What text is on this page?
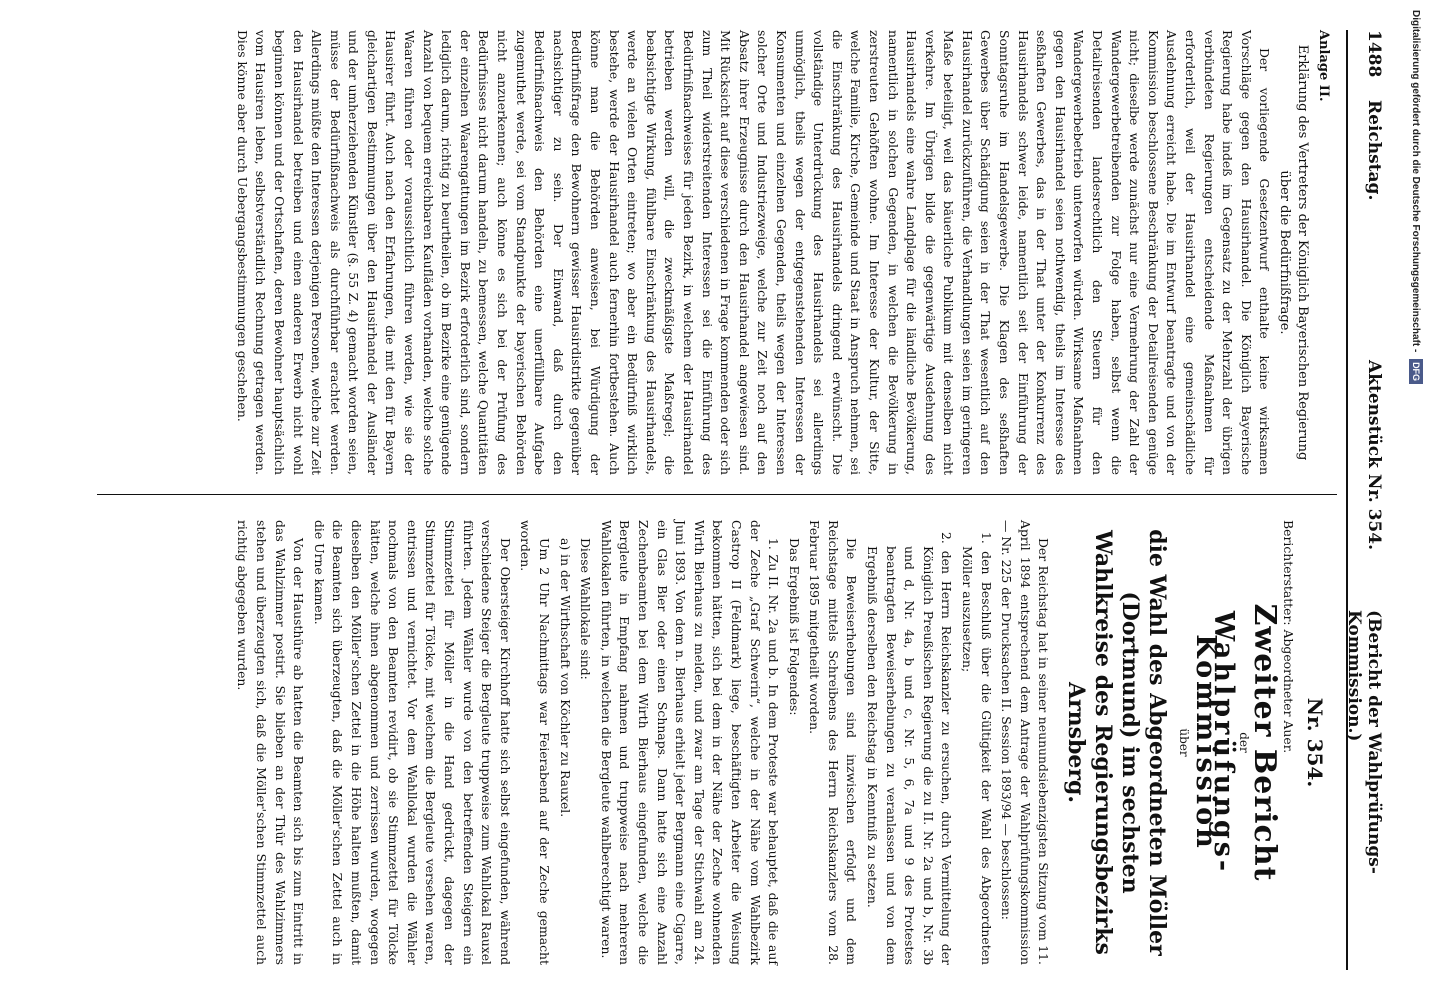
1488
Reichstag.
Aktenstück Nr. 354.
(Bericht der Wahlprüfungs-Kommission.)

Anlage II.

Erklärung des Vertreters der Königlich Bayerischen Regierung über die Bedürfnißfrage.

Der vorliegende Gesetzentwurf enthalte keine wirksamen Vorschläge gegen den Hausirhandel. Die Königlich Bayerische Regierung habe indeß im Gegensatz zu der Mehrzahl der übrigen verbündeten Regierungen entscheidende Maßnahmen für erforderlich, weil der Hausirhandel eine gemeinschädliche Ausdehnung erreicht habe. Die im Entwurf beantragte und von der Kommission beschlossene Beschränkung der Detailreisenden genüge nicht; dieselbe werde zunächst nur eine Vermehrung der Zahl der Wandergewerbetreibenden zur Folge haben, selbst wenn die Detailreisenden landesrechtlich den Steuern für den Wandergewerbebetrieb unterworfen würden. Wirksame Maßnahmen gegen den Hausirhandel seien nothwendig, theils im Interesse des seßhaften Gewerbes, das in der That unter der Konkurrenz des Hausirhandels schwer leide, namentlich seit der Einführung der Sonntagsruhe im Handelsgewerbe. Die Klagen des seßhaften Gewerbes über Schädigung seien in der That wesentlich auf den Hausirhandel zurückzuführen, die Verhandlungen seien im geringeren Maße beteiligt, weil das bäuerliche Publikum mit denselben nicht verkehre. Im Übrigen bilde die gegenwärtige Ausdehnung des Hausirhandels eine wahre Landplage für die ländliche Bevölkerung, namentlich in solchen Gegenden, in welchen die Bevölkerung in zerstreuten Gehöften wohne. Im Interesse der Kultur, der Sitte, welche Familie, Kirche, Gemeinde und Staat in Anspruch nehmen, sei die Einschränkung des Hausirhandels dringend erwünscht. Die vollständige Unterdrückung des Hausirhandels sei allerdings unmöglich, theils wegen der entgegenstehenden Interessen der Konsumenten und einzelnen Gegenden, theils wegen der Interessen solcher Orte und Industriezweige, welche zur Zeit noch auf den Absatz ihrer Erzeugnisse durch den Hausirhandel angewiesen sind. Mit Rücksicht auf diese verschiedenen in Frage kommenden oder sich zum Theil widerstreitenden Interessen sei die Einführung des Bedürfnißnachweises für jeden Bezirk, in welchem der Hausirhandel betrieben werden will, die zweckmäßigste Maßregel; die beabsichtigte Wirkung, fühlbare Einschränkung des Hausirhandels, werde an vielen Orten eintreten; wo aber ein Bedürfniß wirklich bestehe, werde der Hausirhandel auch fernerhin fortbestehen. Auch könne man die Behörden anweisen, bei Würdigung der Bedürfnißfrage den Bewohnern gewisser Hausirdistrikte gegenüber nachsichtiger zu sein. Der Einwand, daß durch den Bedürfnißnachweis den Behörden eine unerfüllbare Aufgabe zugemuthet werde, sei vom Standpunkte der bayerischen Behörden nicht anzuerkennen; auch könne es sich bei der Prüfung des Bedürfnisses nicht darum handeln, zu bemessen, welche Quantitäten der einzelnen Waarengattungen im Bezirk erforderlich sind, sondern lediglich darum, richtig zu beurtheilen, ob im Bezirke eine genügende Anzahl von bequem erreichbaren Kaufläden vorhanden, welche solche Waaren führen oder voraussichtlich führen werden, wie sie der Hausirer führt. Auch nach den Erfahrungen, die mit den für Bayern gleichartigen Bestimmungen über den Hausirhandel der Ausländer und der umherziehenden Künstler (§. 55 Z. 4) gemacht worden seien, müsse der Bedürfnißnachweis als durchführbar erachtet werden. Allerdings müßte den Interessen derjenigen Personen, welche zur Zeit den Hausirhandel betreiben und einen anderen Erwerb nicht wohl beginnen können und der Ortschaften, deren Bewohner hauptsächlich vom Hausiren leben, selbstverständlich Rechnung getragen werden. Dies könne aber durch Uebergangsbestimmungen geschehen.

Nr. 354.
Berichterstatter: Abgeordneter Auer.
Zweiter Bericht
der
Wahlprüfungs-Kommission
über
die Wahl des Abgeordneten Möller (Dortmund) im sechsten Wahlkreise des Regierungsbezirks Arnsberg.

Der Reichstag hat in seiner neunundsiebenzigsten Sitzung vom 11. April 1894 entsprechend dem Antrage der Wahlprüfungskommission — Nr. 225 der Drucksachen II. Session 1893/94 — beschlossen:

1. den Beschluß über die Gültigkeit der Wahl des Abgeordneten Möller auszusetzen;

2. den Herrn Reichskanzler zu ersuchen, durch Vermittelung der Königlich Preußischen Regierung die zu II. Nr. 2a und b, Nr. 3b und d, Nr. 4a, b und c, Nr. 5, 6, 7a und 9 des Protestes beantragten Beweiserhebungen zu veranlassen und von dem Ergebniß derselben den Reichstag in Kenntniß zu setzen.

Die Beweiserhebungen sind inzwischen erfolgt und dem Reichstage mittels Schreibens des Herrn Reichskanzlers vom 28. Februar 1895 mitgetheilt worden.

Das Ergebniß ist Folgendes:

1. Zu II. Nr. 2a und b. In dem Proteste war behauptet, daß die auf der Zeche „Graf Schwerin“, welche in der Nähe vom Wahlbezirk Castrop II (Feldmark) liege, beschäftigten Arbeiter die Weisung bekommen hätten, sich bei dem in der Nähe der Zeche wohnenden Wirth Bierhaus zu melden, und zwar am Tage der Stichwahl am 24. Juni 1893. Von dem n. Bierhaus erhielt jeder Bergmann eine Cigarre, ein Glas Bier oder einen Schnaps. Dann hatte sich eine Anzahl Zechenbeamten bei dem Wirth Bierhaus eingefunden, welche die Bergleute in Empfang nahmen und truppweise nach mehreren Wahllokalen führten, in welchen die Bergleute wahlberechtigt waren.

Diese Wahllokale sind:

a) in der Wirthschaft von Köchler zu Rauxel.

Um 2 Uhr Nachmittags war Feierabend auf der Zeche gemacht worden.

Der Obersteiger Kirchhoff hatte sich selbst eingefunden, während verschiedene Steiger die Bergleute truppweise zum Wahllokal Rauxel führten. Jedem Wähler wurde von den betreffenden Steigern ein Stimmzettel für Möller in die Hand gedrückt, dagegen der Stimmzettel für Tölcke, mit welchem die Bergleute versehen waren, entrissen und vernichtet. Vor dem Wahllokal wurden die Wähler nochmals von den Beamten revidirt, ob sie Stimmzettel für Tölcke hätten, welche ihnen abgenommen und zerrissen wurden, wogegen dieselben den Möller'schen Zettel in die Höhe halten mußten, damit die Beamten sich überzeugten, daß die Möller'schen Zettel auch in die Urne kamen.

Von der Hausthüre ab hatten die Beamten sich bis zum Eintritt in das Wahlzimmer postirt. Sie blieben an der Thür des Wahlzimmers stehen und überzeugten sich, daß die Möller'schen Stimmzettel auch richtig abgegeben wurden.

Digitalisierung gefördert durch die Deutsche Forschungsgemeinschaft - DFG
